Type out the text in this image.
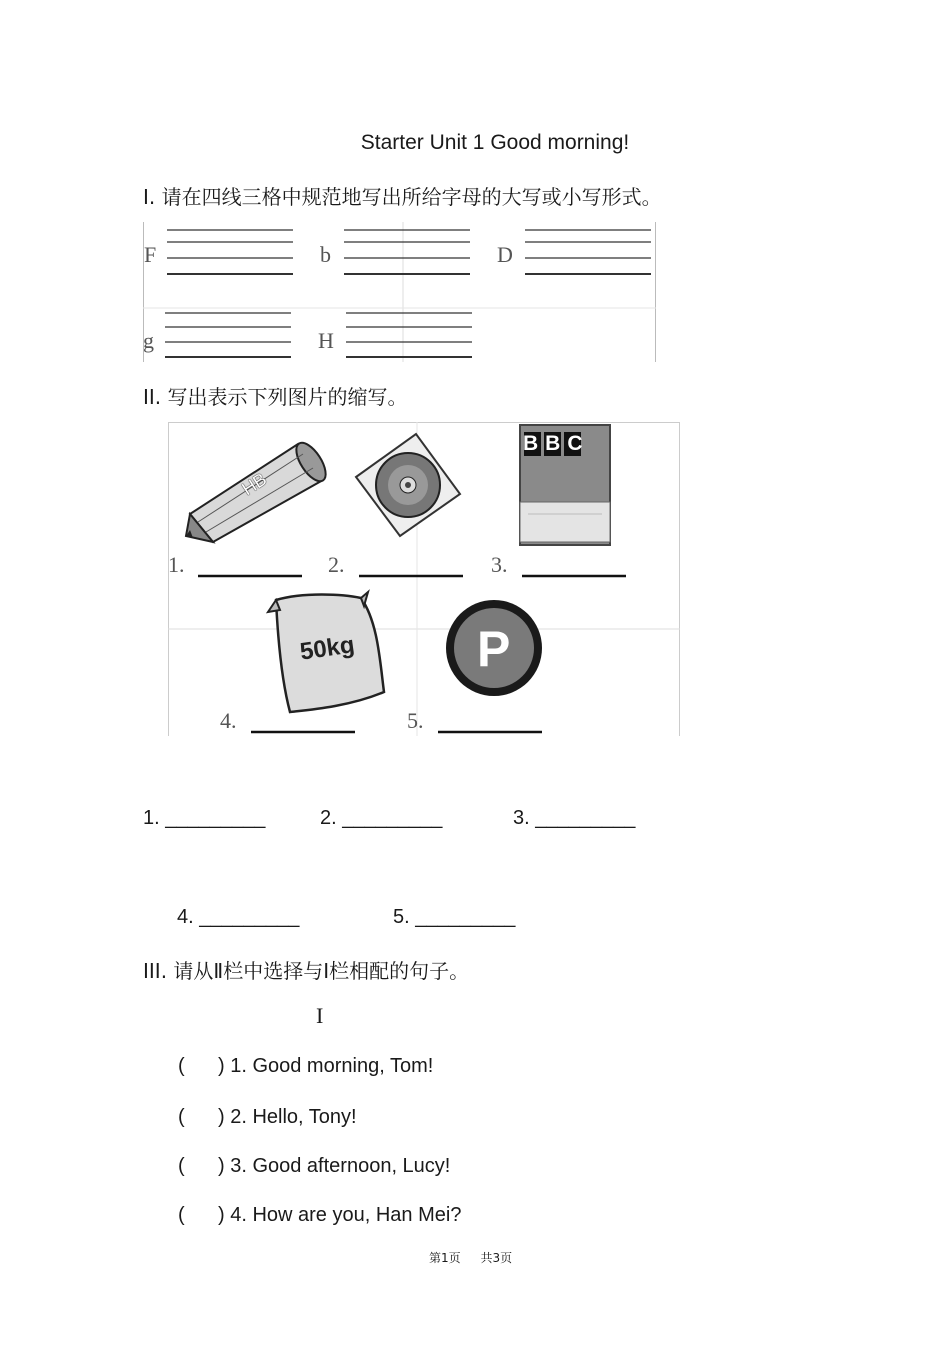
Starter Unit 1 Good morning!
I. 请在四线三格中规范地写出所给字母的大写或小写形式。
F	b	D
g	H
II. 写出表示下列图片的缩写。
HB
BBC
50kg P
1.	2.	3.
4.	5.
1. _________	2. _________	3. _________
4. _________	5. _________
III. 请从Ⅱ栏中选择与Ⅰ栏相配的句子。
I
(      ) 1. Good morning, Tom!
(      ) 2. Hello, Tony!
(      ) 3. Good afternoon, Lucy!
(      ) 4. How are you, Han Mei?
第1页 共3页
